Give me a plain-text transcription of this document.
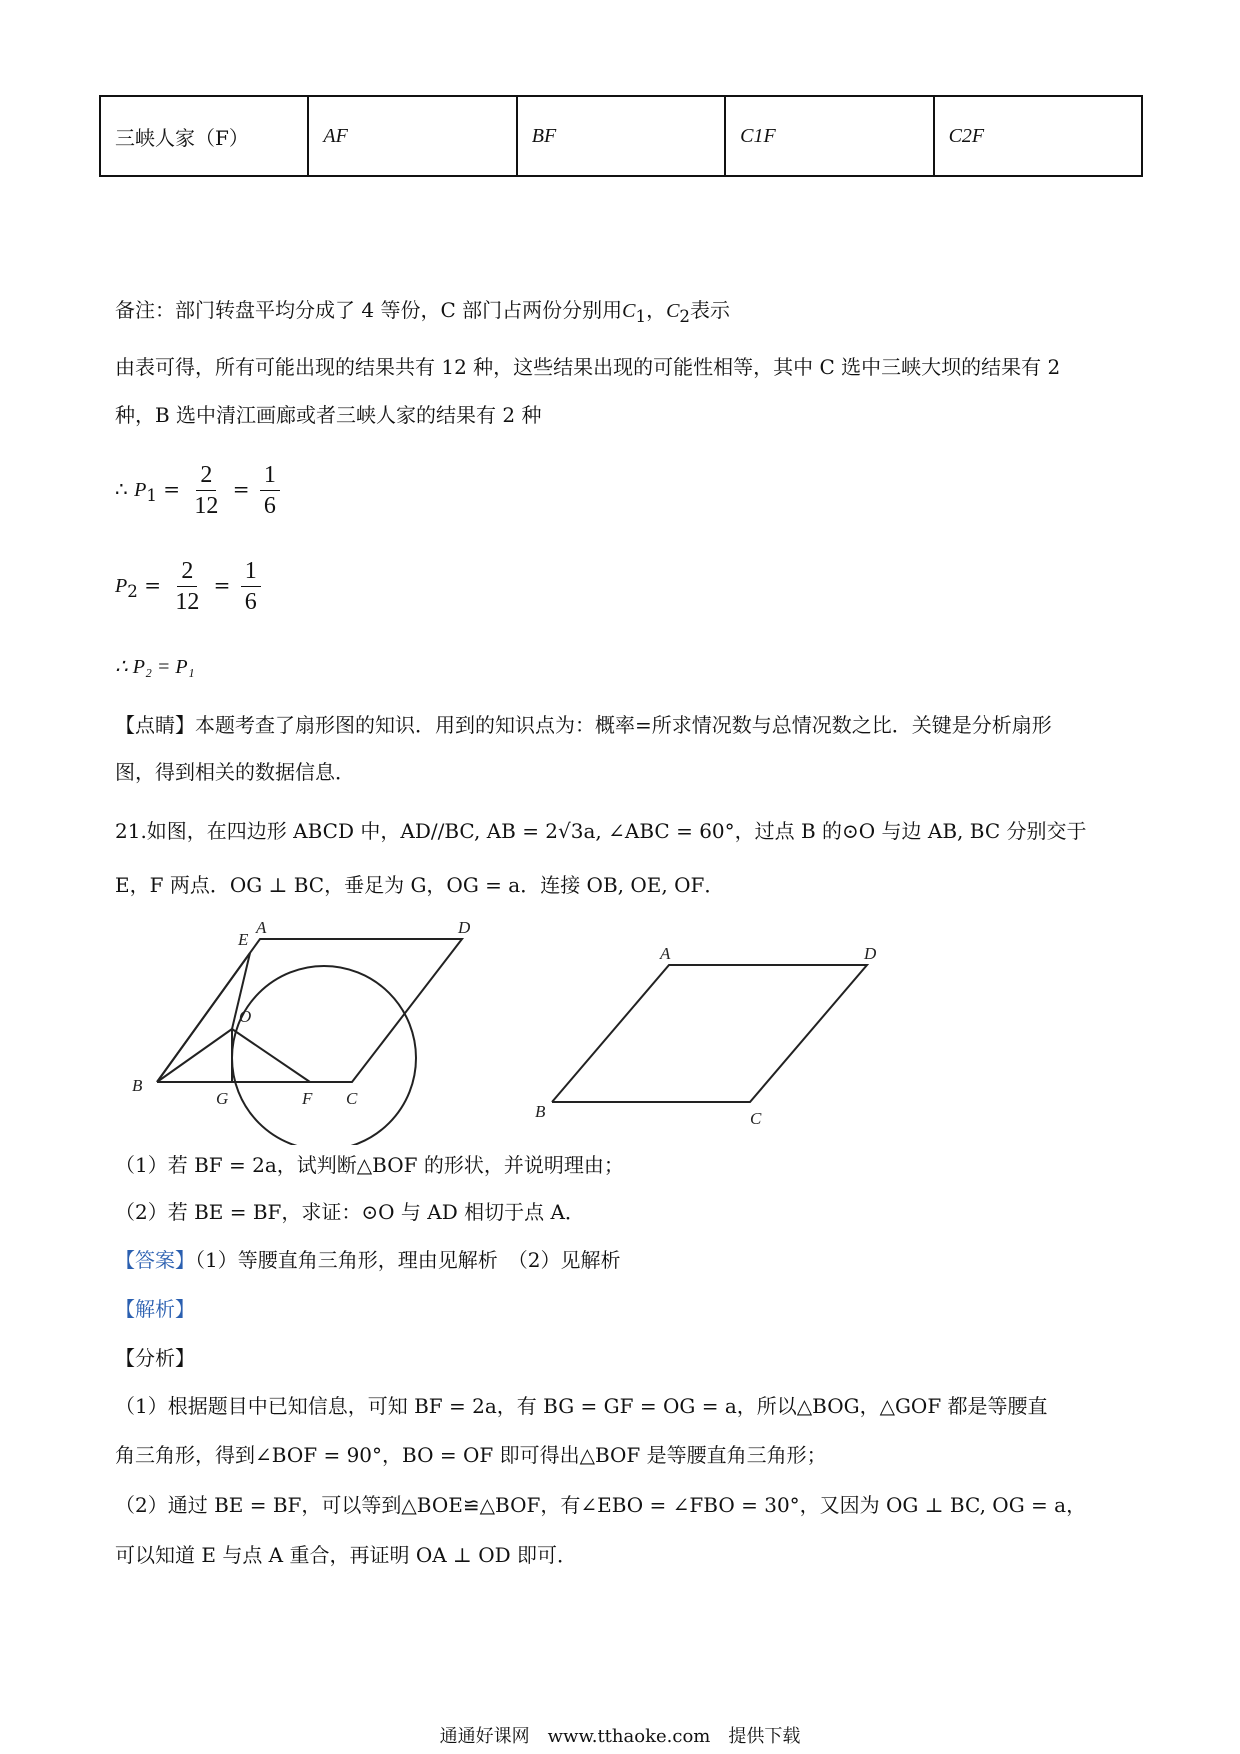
三峡人家（F）	AF	BF	C1F	C2F
备注：部门转盘平均分成了 4 等份，C 部门占两份分别用$C_1$，$C_2$表示
由表可得，所有可能出现的结果共有 12 种，这些结果出现的可能性相等，其中 C 选中三峡大坝的结果有 2
种，B 选中清江画廊或者三峡人家的结果有 2 种
∴ $P_1 = \frac{2}{12} = \frac{1}{6}$
$P_2 = \frac{2}{12} = \frac{1}{6}$
∴ P₂ = P₁
【点睛】本题考查了扇形图的知识．用到的知识点为：概率=所求情况数与总情况数之比．关键是分析扇形
图，得到相关的数据信息．
21.如图，在四边形 ABCD 中，AD//BC, AB = 2√3a, ∠ABC = 60°，过点 B 的⊙O 与边 AB, BC 分别交于
E，F 两点．OG ⊥ BC，垂足为 G，OG = a．连接 OB, OE, OF．
A
E
D
O
B
G	F C
A	D
B	C
（1）若 BF = 2a，试判断△BOF 的形状，并说明理由；
（2）若 BE = BF，求证：⊙O 与 AD 相切于点 A．
【答案】（1）等腰直角三角形，理由见解析　（2）见解析
【解析】
【分析】
（1）根据题目中已知信息，可知 BF = 2a，有 BG = GF = OG = a，所以△BOG，△GOF 都是等腰直
角三角形，得到∠BOF = 90°，BO = OF 即可得出△BOF 是等腰直角三角形；
（2）通过 BE = BF，可以等到△BOE≌△BOF，有∠EBO = ∠FBO = 30°，又因为 OG ⊥ BC, OG = a，
可以知道 E 与点 A 重合，再证明 OA ⊥ OD 即可．
通通好课网　www.tthaoke.com　提供下载
